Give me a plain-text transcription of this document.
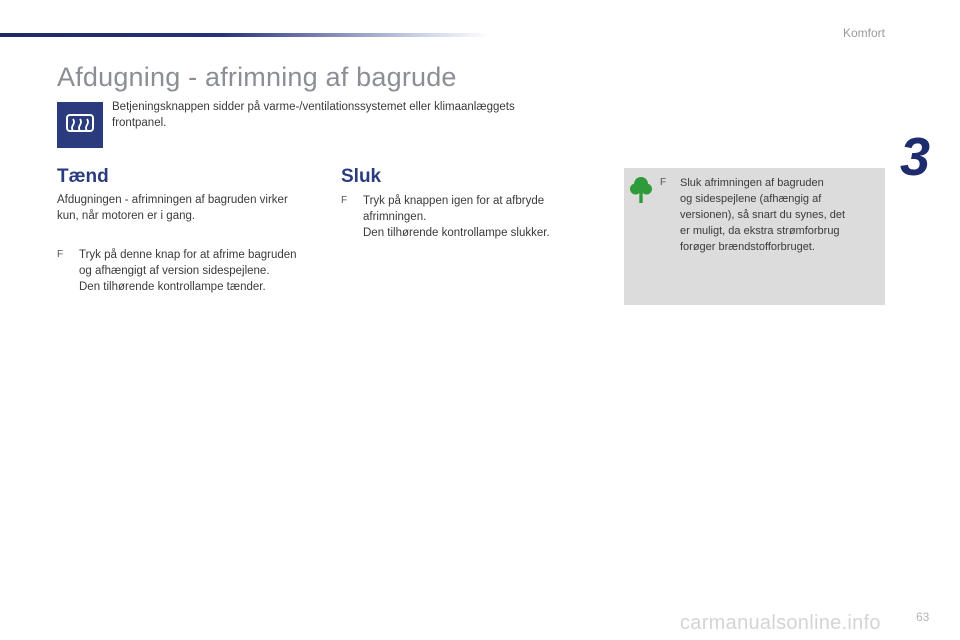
Komfort
3
Afdugning - afrimning af bagrude
Betjeningsknappen sidder på varme-/ventilationssystemet eller klimaanlæggets frontpanel.
Tænd
Afdugningen - afrimningen af bagruden virker
kun, når motoren er i gang.
F Tryk på denne knap for at afrime bagruden
og afhængigt af version sidespejlene.
Den tilhørende kontrollampe tænder.
Sluk
F Tryk på knappen igen for at afbryde
afrimningen.
Den tilhørende kontrollampe slukker.
F Sluk afrimningen af bagruden
og sidespejlene (afhængig af
versionen), så snart du synes, det
er muligt, da ekstra strømforbrug
forøger brændstofforbruget.
63
carmanualsonline.info
